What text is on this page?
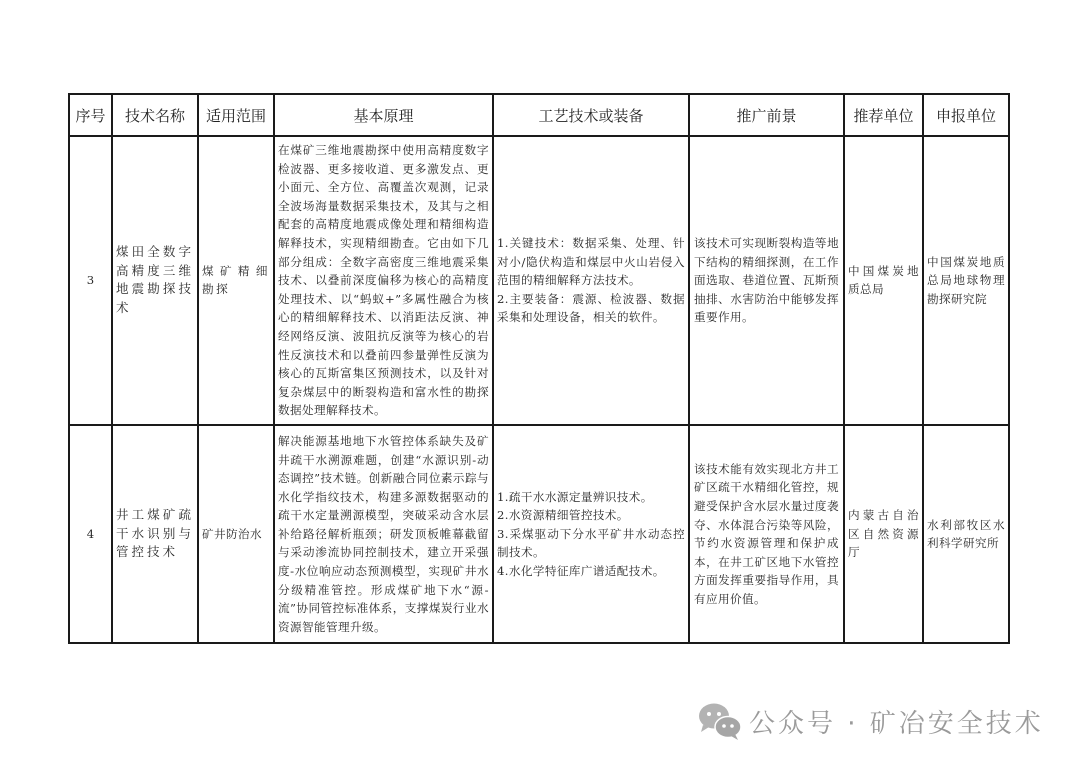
序号	技术名称	适用范围	基本原理	工艺技术或装备	推广前景	推荐单位	申报单位
3	煤田全数字高精度三维地震勘探技术	煤矿精细勘探	在煤矿三维地震勘探中使用高精度数字检波器、更多接收道、更多激发点、更小面元、全方位、高覆盖次观测，记录全波场海量数据采集技术，及其与之相配套的高精度地震成像处理和精细构造解释技术，实现精细勘查。它由如下几部分组成：全数字高密度三维地震采集技术、以叠前深度偏移为核心的高精度处理技术、以“蚂蚁+”多属性融合为核心的精细解释技术、以消距法反演、神经网络反演、波阻抗反演等为核心的岩性反演技术和以叠前四参量弹性反演为核心的瓦斯富集区预测技术，以及针对复杂煤层中的断裂构造和富水性的勘探数据处理解释技术。	1.关键技术：数据采集、处理、针对小/隐伏构造和煤层中火山岩侵入范围的精细解释方法技术。
2.主要装备：震源、检波器、数据采集和处理设备，相关的软件。	该技术可实现断裂构造等地下结构的精细探测，在工作面选取、巷道位置、瓦斯预抽排、水害防治中能够发挥重要作用。	中国煤炭地质总局	中国煤炭地质总局地球物理勘探研究院

4	井工煤矿疏干水识别与管控技术	矿井防治水	解决能源基地地下水管控体系缺失及矿井疏干水溯源难题，创建“水源识别-动态调控”技术链。创新融合同位素示踪与水化学指纹技术，构建多源数据驱动的疏干水定量溯源模型，突破采动含水层补给路径解析瓶颈；研发顶板帷幕截留与采动渗流协同控制技术，建立开采强度-水位响应动态预测模型，实现矿井水分级精准管控。形成煤矿地下水“源-流”协同管控标准体系，支撑煤炭行业水资源智能管理升级。	1.疏干水水源定量辨识技术。
2.水资源精细管控技术。
3.采煤驱动下分水平矿井水动态控制技术。
4.水化学特征库广谱适配技术。	该技术能有效实现北方井工矿区疏干水精细化管控，规避受保护含水层水量过度袭夺、水体混合污染等风险，节约水资源管理和保护成本，在井工矿区地下水管控方面发挥重要指导作用，具有应用价值。	内蒙古自治区自然资源厅	水利部牧区水利科学研究所
公众号 · 矿冶安全技术
